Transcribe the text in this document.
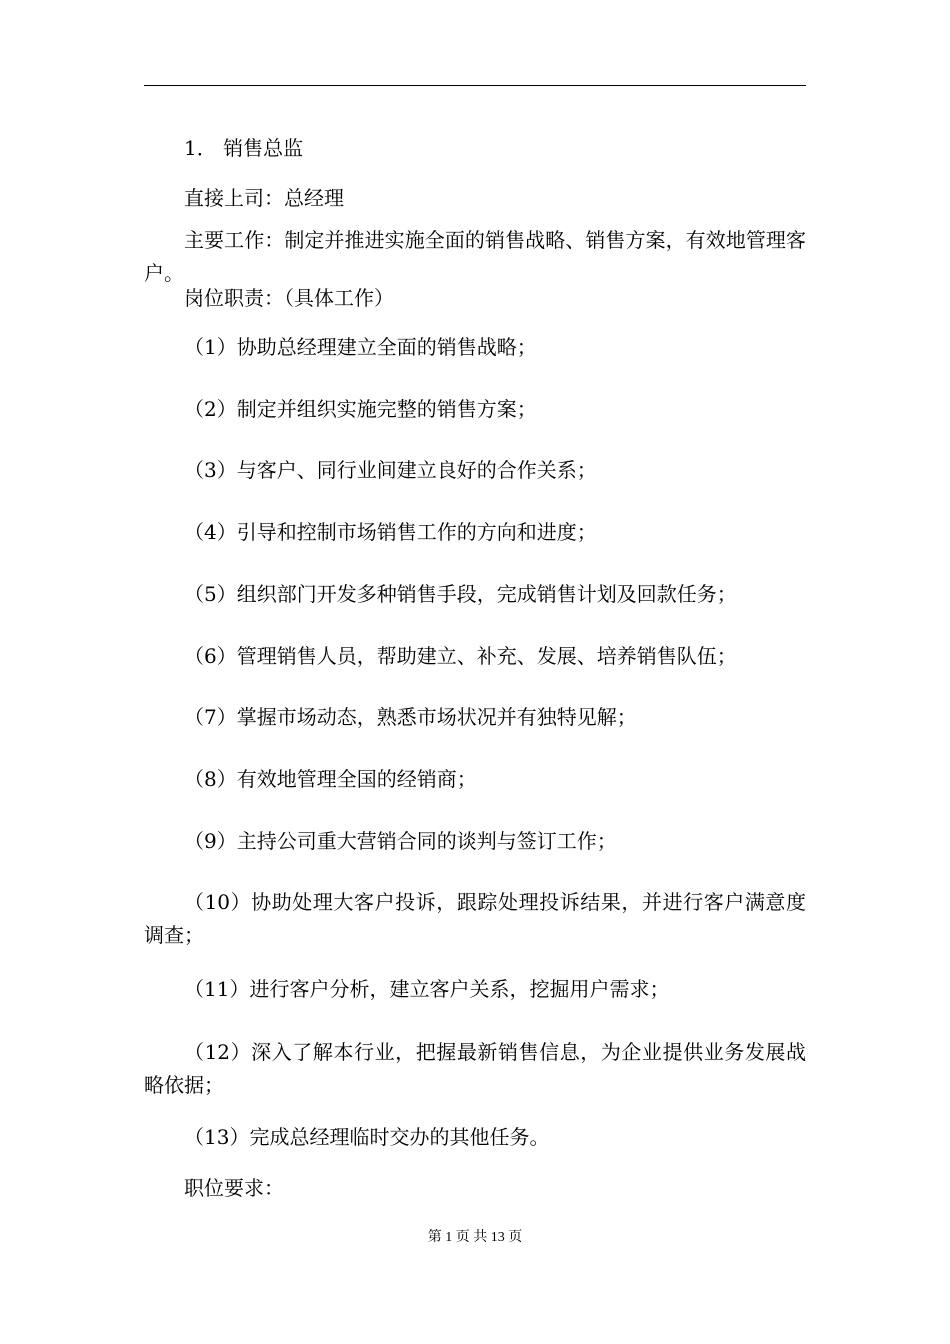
1． 销售总监
直接上司：总经理
主要工作：制定并推进实施全面的销售战略、销售方案，有效地管理客户。
岗位职责：（具体工作）
（1）协助总经理建立全面的销售战略；
（2）制定并组织实施完整的销售方案；
（3）与客户、同行业间建立良好的合作关系；
（4）引导和控制市场销售工作的方向和进度；
（5）组织部门开发多种销售手段，完成销售计划及回款任务；
（6）管理销售人员，帮助建立、补充、发展、培养销售队伍；
（7）掌握市场动态，熟悉市场状况并有独特见解；
（8）有效地管理全国的经销商；
（9）主持公司重大营销合同的谈判与签订工作；
（10）协助处理大客户投诉，跟踪处理投诉结果，并进行客户满意度调查；
（11）进行客户分析，建立客户关系，挖掘用户需求；
（12）深入了解本行业，把握最新销售信息，为企业提供业务发展战略依据；
（13）完成总经理临时交办的其他任务。
职位要求：
第 1 页 共 13 页
